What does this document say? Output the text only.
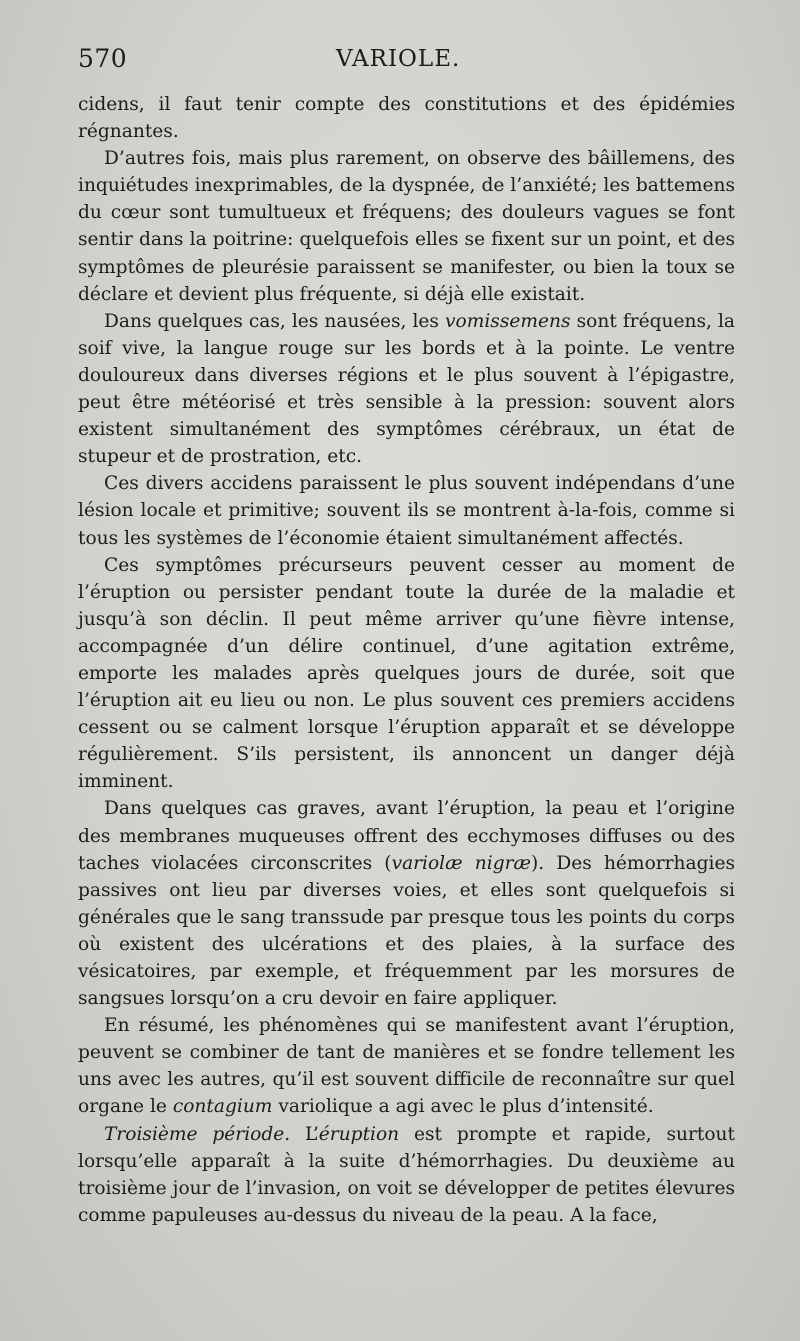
570	VARIOLE.

cidens, il faut tenir compte des constitutions et des épidémies régnantes.

D’autres fois, mais plus rarement, on observe des bâillemens, des inquiétudes inexprimables, de la dyspnée, de l’anxiété; les battemens du cœur sont tumultueux et fréquens; des douleurs vagues se font sentir dans la poitrine: quelquefois elles se fixent sur un point, et des symptômes de pleurésie paraissent se manifester, ou bien la toux se déclare et devient plus fréquente, si déjà elle existait.

Dans quelques cas, les nausées, les vomissemens sont fréquens, la soif vive, la langue rouge sur les bords et à la pointe. Le ventre douloureux dans diverses régions et le plus souvent à l’épigastre, peut être météorisé et très sensible à la pression: souvent alors existent simultanément des symptômes cérébraux, un état de stupeur et de prostration, etc.

Ces divers accidens paraissent le plus souvent indépendans d’une lésion locale et primitive; souvent ils se montrent à-la-fois, comme si tous les systèmes de l’économie étaient simultanément affectés.

Ces symptômes précurseurs peuvent cesser au moment de l’éruption ou persister pendant toute la durée de la maladie et jusqu’à son déclin. Il peut même arriver qu’une fièvre intense, accompagnée d’un délire continuel, d’une agitation extrême, emporte les malades après quelques jours de durée, soit que l’éruption ait eu lieu ou non. Le plus souvent ces premiers accidens cessent ou se calment lorsque l’éruption apparaît et se développe régulièrement. S’ils persistent, ils annoncent un danger déjà imminent.

Dans quelques cas graves, avant l’éruption, la peau et l’origine des membranes muqueuses offrent des ecchymoses diffuses ou des taches violacées circonscrites (variolæ nigræ). Des hémorrhagies passives ont lieu par diverses voies, et elles sont quelquefois si générales que le sang transsude par presque tous les points du corps où existent des ulcérations et des plaies, à la surface des vésicatoires, par exemple, et fréquemment par les morsures de sangsues lorsqu’on a cru devoir en faire appliquer.

En résumé, les phénomènes qui se manifestent avant l’éruption, peuvent se combiner de tant de manières et se fondre tellement les uns avec les autres, qu’il est souvent difficile de reconnaître sur quel organe le contagium variolique a agi avec le plus d’intensité.

Troisième période. L’éruption est prompte et rapide, surtout lorsqu’elle apparaît à la suite d’hémorrhagies. Du deuxième au troisième jour de l’invasion, on voit se développer de petites élevures comme papuleuses au-dessus du niveau de la peau. A la face,
